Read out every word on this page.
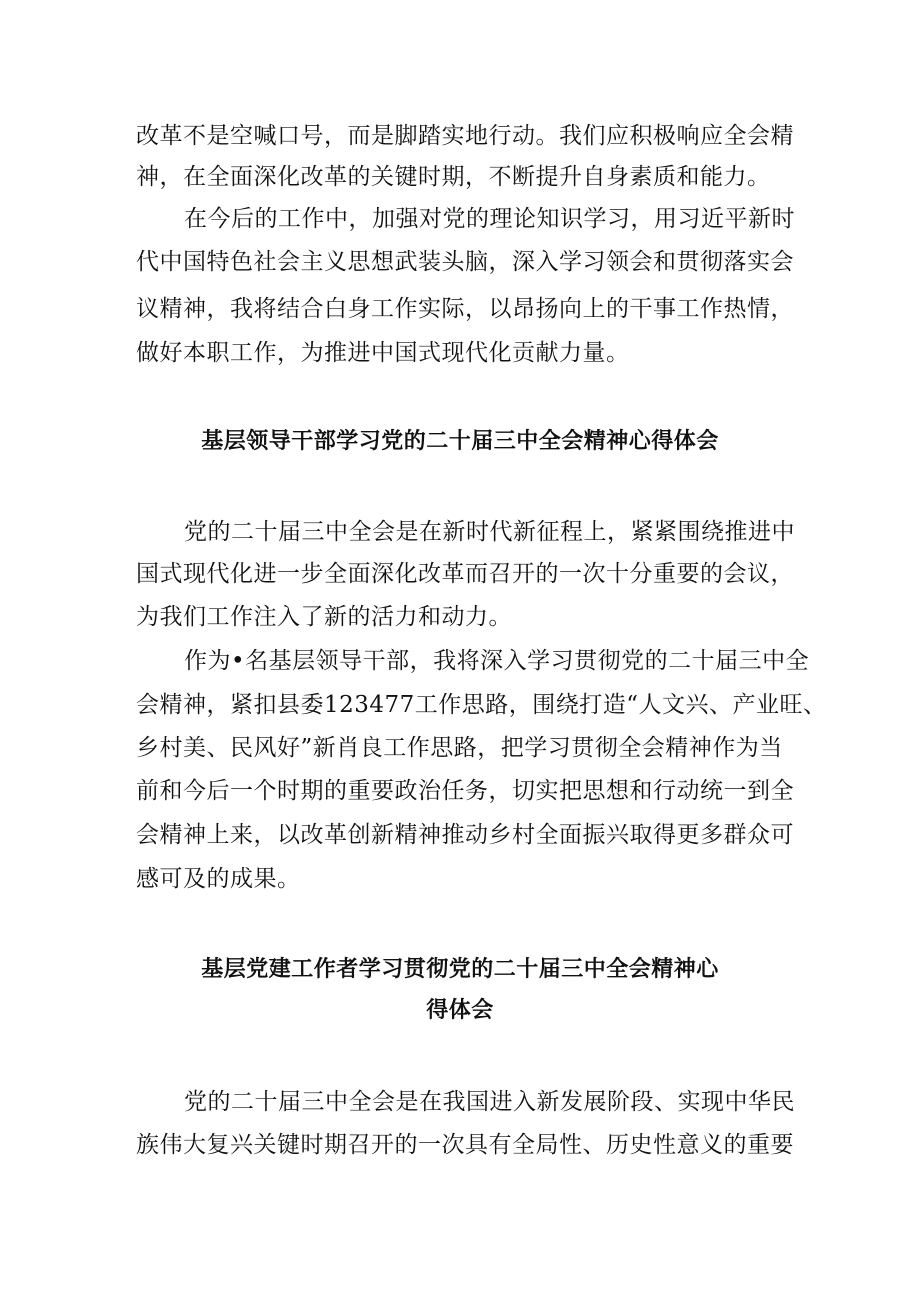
改革不是空喊口号，而是脚踏实地行动。我们应积极响应全会精
神，在全面深化改革的关键时期，不断提升自身素质和能力。
在今后的工作中，加强对党的理论知识学习，用习近平新时
代中国特色社会主义思想武装头脑，深入学习领会和贯彻落实会
议精神，我将结合白身工作实际，以昂扬向上的干事工作热情，
做好本职工作，为推进中国式现代化贡献力量。
基层领导干部学习党的二十届三中全会精神心得体会
党的二十届三中全会是在新时代新征程上，紧紧围绕推进中
国式现代化进一步全面深化改革而召开的一次十分重要的会议，
为我们工作注入了新的活力和动力。
作为•名基层领导干部，我将深入学习贯彻党的二十届三中全
会精神，紧扣县委123477工作思路，围绕打造“人文兴、产业旺、
乡村美、民风好”新肖良工作思路，把学习贯彻全会精神作为当
前和今后一个时期的重要政治任务，切实把思想和行动统一到全
会精神上来，以改革创新精神推动乡村全面振兴取得更多群众可
感可及的成果。
基层党建工作者学习贯彻党的二十届三中全会精神心
得体会
党的二十届三中全会是在我国进入新发展阶段、实现中华民
族伟大复兴关键时期召开的一次具有全局性、历史性意义的重要
